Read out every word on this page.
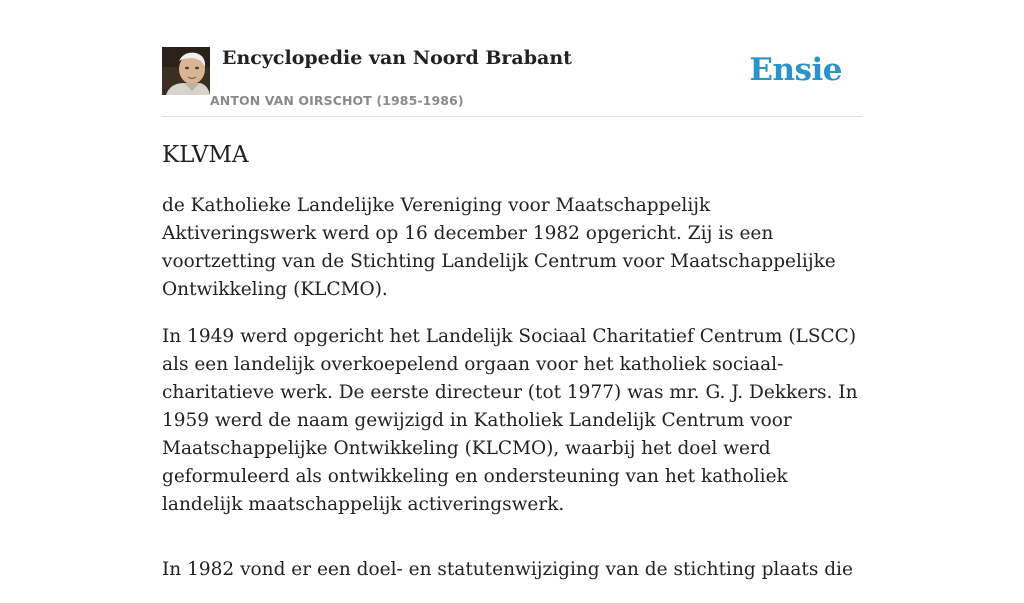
Encyclopedie van Noord Brabant
ANTON VAN OIRSCHOT (1985-1986)
Ensie
KLVMA

de Katholieke Landelijke Vereniging voor Maatschappelijk Aktiveringswerk werd op 16 december 1982 opgericht. Zij is een voortzetting van de Stichting Landelijk Centrum voor Maatschappelijke Ontwikkeling (KLCMO).

In 1949 werd opgericht het Landelijk Sociaal Charitatief Centrum (LSCC) als een landelijk overkoepelend orgaan voor het katholiek sociaal-charitatieve werk. De eerste directeur (tot 1977) was mr. G. J. Dekkers. In 1959 werd de naam gewijzigd in Katholiek Landelijk Centrum voor Maatschappelijke Ontwikkeling (KLCMO), waarbij het doel werd geformuleerd als ontwikkeling en ondersteuning van het katholiek landelijk maatschappelijk activeringswerk.

In 1982 vond er een doel- en statutenwijziging van de stichting plaats die
